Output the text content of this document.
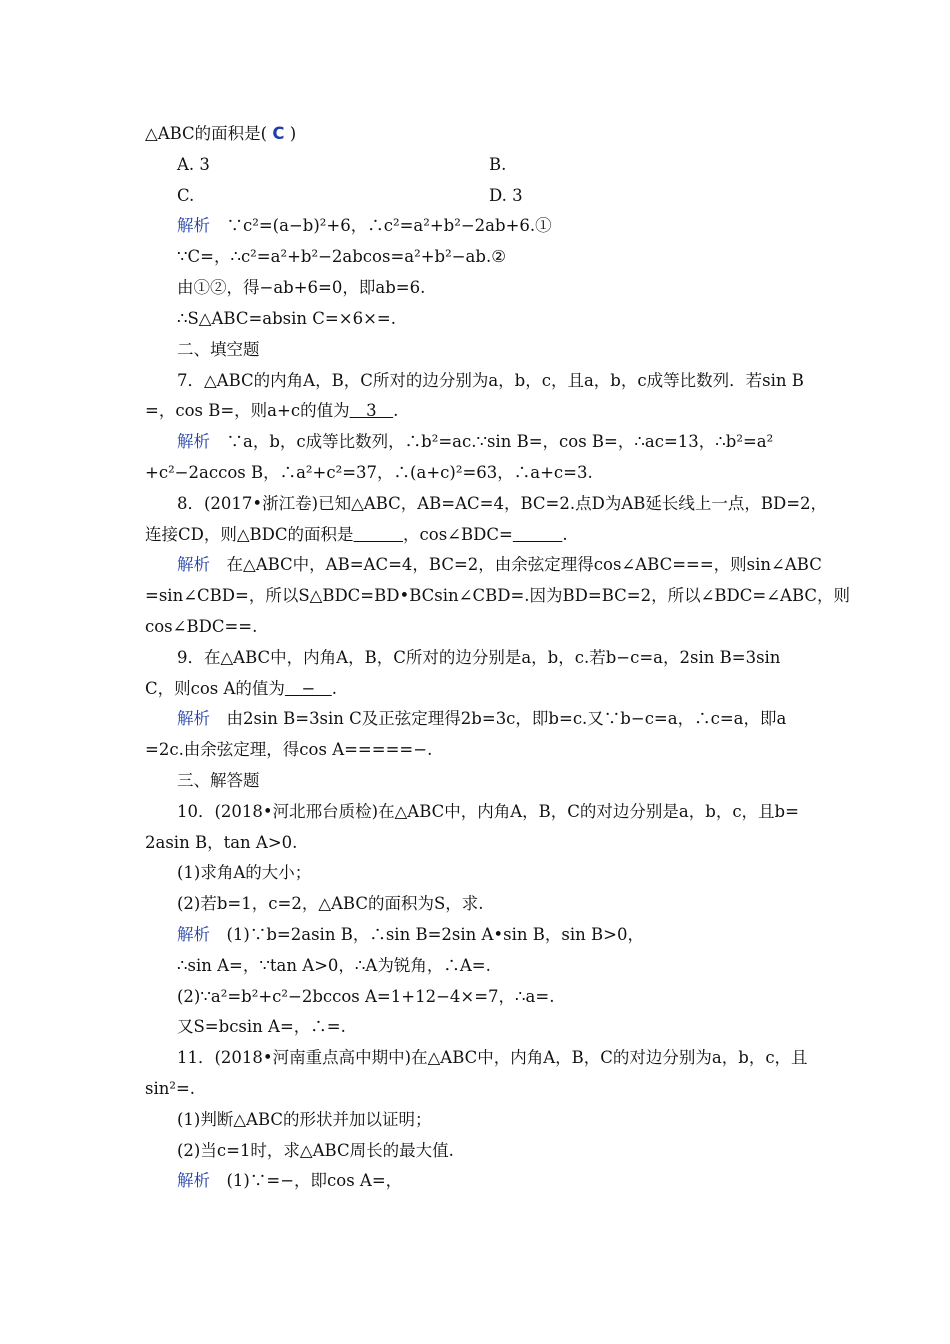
△ABC的面积是( C )
A. 3	B.
C.	D. 3
解析　∵c²=(a−b)²+6，∴c²=a²+b²−2ab+6.①
∵C=，∴c²=a²+b²−2abcos=a²+b²−ab.②
由①②，得−ab+6=0，即ab=6.
∴S△ABC=absin C=×6×=.
二、填空题
7．△ABC的内角A，B，C所对的边分别为a，b，c，且a，b，c成等比数列．若sin B
=，cos B=，则a+c的值为　3　.
解析　∵a，b，c成等比数列，∴b²=ac.∵sin B=，cos B=，∴ac=13，∴b²=a²
+c²−2accos B，∴a²+c²=37，∴(a+c)²=63，∴a+c=3.
8．(2017•浙江卷)已知△ABC，AB=AC=4，BC=2.点D为AB延长线上一点，BD=2，
连接CD，则△BDC的面积是　　　	，cos∠BDC=　　　	.
解析　在△ABC中，AB=AC=4，BC=2，由余弦定理得cos∠ABC===，则sin∠ABC
=sin∠CBD=，所以S△BDC=BD•BCsin∠CBD=.因为BD=BC=2，所以∠BDC=∠ABC，则
cos∠BDC==.
9．在△ABC中，内角A，B，C所对的边分别是a，b，c.若b−c=a，2sin B=3sin
C，则cos A的值为　−　.
解析　由2sin B=3sin C及正弦定理得2b=3c，即b=c.又∵b−c=a，∴c=a，即a
=2c.由余弦定理，得cos A=====−.
三、解答题
10．(2018•河北邢台质检)在△ABC中，内角A，B，C的对边分别是a，b，c，且b=
2asin B，tan A>0.
(1)求角A的大小；
(2)若b=1，c=2，△ABC的面积为S，求.
解析　(1)∵b=2asin B，∴sin B=2sin A•sin B，sin B>0，
∴sin A=，∵tan A>0，∴A为锐角，∴A=.
(2)∵a²=b²+c²−2bccos A=1+12−4×=7，∴a=.
又S=bcsin A=，∴=.
11．(2018•河南重点高中期中)在△ABC中，内角A，B，C的对边分别为a，b，c，且
sin²=.
(1)判断△ABC的形状并加以证明；
(2)当c=1时，求△ABC周长的最大值.
解析　(1)∵=−，即cos A=，
